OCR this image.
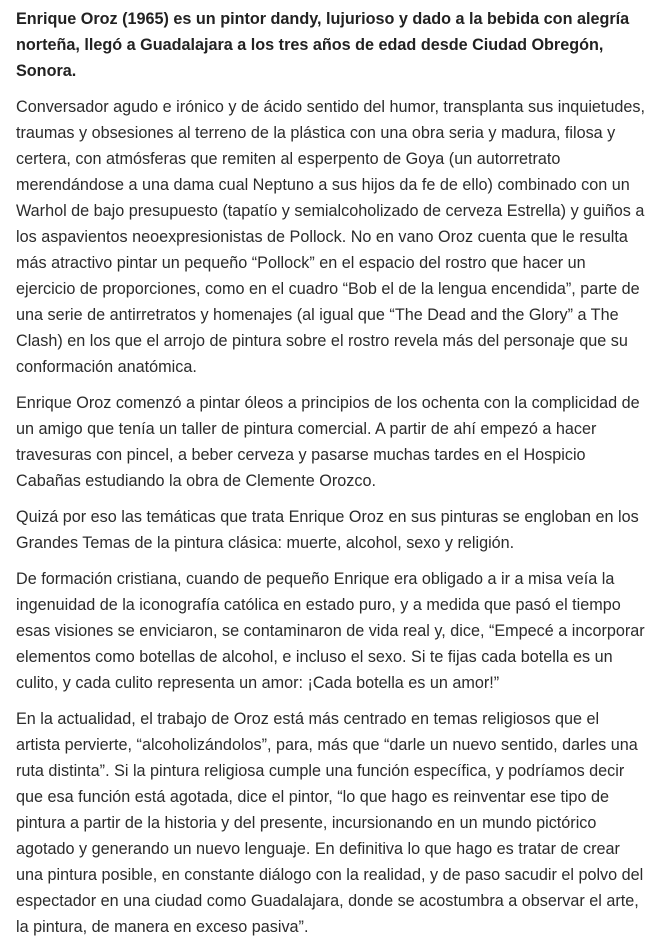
Enrique Oroz (1965) es un pintor dandy, lujurioso y dado a la bebida con alegría norteña, llegó a Guadalajara a los tres años de edad desde Ciudad Obregón, Sonora.

Conversador agudo e irónico y de ácido sentido del humor, transplanta sus inquietudes, traumas y obsesiones al terreno de la plástica con una obra seria y madura, filosa y certera, con atmósferas que remiten al esperpento de Goya (un autorretrato merendándose a una dama cual Neptuno a sus hijos da fe de ello) combinado con un Warhol de bajo presupuesto (tapatío y semialcoholizado de cerveza Estrella) y guiños a los aspavientos neoexpresionistas de Pollock. No en vano Oroz cuenta que le resulta más atractivo pintar un pequeño “Pollock” en el espacio del rostro que hacer un ejercicio de proporciones, como en el cuadro “Bob el de la lengua encendida”, parte de una serie de antirretratos y homenajes (al igual que “The Dead and the Glory” a The Clash) en los que el arrojo de pintura sobre el rostro revela más del personaje que su conformación anatómica.

Enrique Oroz comenzó a pintar óleos a principios de los ochenta con la complicidad de un amigo que tenía un taller de pintura comercial. A partir de ahí empezó a hacer travesuras con pincel, a beber cerveza y pasarse muchas tardes en el Hospicio Cabañas estudiando la obra de Clemente Orozco.

Quizá por eso las temáticas que trata Enrique Oroz en sus pinturas se engloban en los Grandes Temas de la pintura clásica: muerte, alcohol, sexo y religión.

De formación cristiana, cuando de pequeño Enrique era obligado a ir a misa veía la ingenuidad de la iconografía católica en estado puro, y a medida que pasó el tiempo esas visiones se enviciaron, se contaminaron de vida real y, dice, “Empecé a incorporar elementos como botellas de alcohol, e incluso el sexo. Si te fijas cada botella es un culito, y cada culito representa un amor: ¡Cada botella es un amor!”

En la actualidad, el trabajo de Oroz está más centrado en temas religiosos que el artista pervierte, “alcoholizándolos”, para, más que “darle un nuevo sentido, darles una ruta distinta”. Si la pintura religiosa cumple una función específica, y podríamos decir que esa función está agotada, dice el pintor, “lo que hago es reinventar ese tipo de pintura a partir de la historia y del presente, incursionando en un mundo pictórico agotado y generando un nuevo lenguaje. En definitiva lo que hago es tratar de crear una pintura posible, en constante diálogo con la realidad, y de paso sacudir el polvo del espectador en una ciudad como Guadalajara, donde se acostumbra a observar el arte, la pintura, de manera en exceso pasiva”.
